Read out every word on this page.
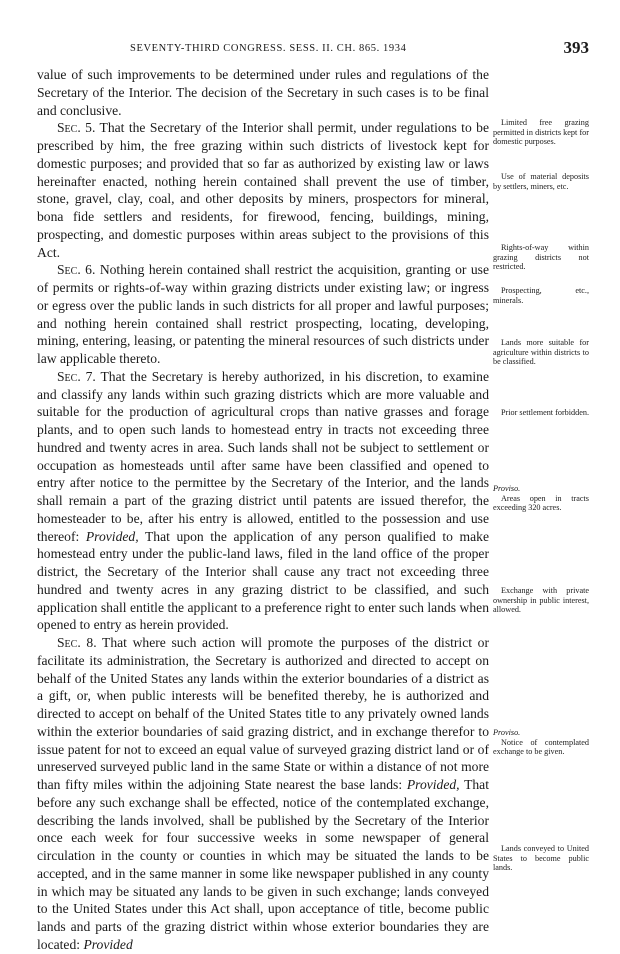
SEVENTY-THIRD CONGRESS. SESS. II. CH. 865. 1934	393

value of such improvements to be determined under rules and regulations of the Secretary of the Interior. The decision of the Secretary in such cases is to be final and conclusive.

Sec. 5. That the Secretary of the Interior shall permit, under regulations to be prescribed by him, the free grazing within such districts of livestock kept for domestic purposes; and provided that so far as authorized by existing law or laws hereinafter enacted, nothing herein contained shall prevent the use of timber, stone, gravel, clay, coal, and other deposits by miners, prospectors for mineral, bona fide settlers and residents, for firewood, fencing, buildings, mining, prospecting, and domestic purposes within areas subject to the provisions of this Act.

Sec. 6. Nothing herein contained shall restrict the acquisition, granting or use of permits or rights-of-way within grazing districts under existing law; or ingress or egress over the public lands in such districts for all proper and lawful purposes; and nothing herein contained shall restrict prospecting, locating, developing, mining, entering, leasing, or patenting the mineral resources of such districts under law applicable thereto.

Sec. 7. That the Secretary is hereby authorized, in his discretion, to examine and classify any lands within such grazing districts which are more valuable and suitable for the production of agricultural crops than native grasses and forage plants, and to open such lands to homestead entry in tracts not exceeding three hundred and twenty acres in area. Such lands shall not be subject to settlement or occupation as homesteads until after same have been classified and opened to entry after notice to the permittee by the Secretary of the Interior, and the lands shall remain a part of the grazing district until patents are issued therefor, the homesteader to be, after his entry is allowed, entitled to the possession and use thereof: Provided, That upon the application of any person qualified to make homestead entry under the public-land laws, filed in the land office of the proper district, the Secretary of the Interior shall cause any tract not exceeding three hundred and twenty acres in any grazing district to be classified, and such application shall entitle the applicant to a preference right to enter such lands when opened to entry as herein provided.

Sec. 8. That where such action will promote the purposes of the district or facilitate its administration, the Secretary is authorized and directed to accept on behalf of the United States any lands within the exterior boundaries of a district as a gift, or, when public interests will be benefited thereby, he is authorized and directed to accept on behalf of the United States title to any privately owned lands within the exterior boundaries of said grazing district, and in exchange therefor to issue patent for not to exceed an equal value of surveyed grazing district land or of unreserved surveyed public land in the same State or within a distance of not more than fifty miles within the adjoining State nearest the base lands: Provided, That before any such exchange shall be effected, notice of the contemplated exchange, describing the lands involved, shall be published by the Secretary of the Interior once each week for four successive weeks in some newspaper of general circulation in the county or counties in which may be situated the lands to be accepted, and in the same manner in some like newspaper published in any county in which may be situated any lands to be given in such exchange; lands conveyed to the United States under this Act shall, upon acceptance of title, become public lands and parts of the grazing district within whose exterior boundaries they are located: Provided

Limited free grazing permitted in districts kept for domestic purposes.
Use of material deposits by settlers, miners, etc.
Rights-of-way within grazing districts not restricted.
Prospecting, etc., minerals.
Lands more suitable for agriculture within districts to be classified.
Prior settlement forbidden.
Proviso.
Areas open in tracts exceeding 320 acres.
Exchange with private ownership in public interest, allowed.
Proviso.
Notice of contemplated exchange to be given.
Lands conveyed to United States to become public lands.
